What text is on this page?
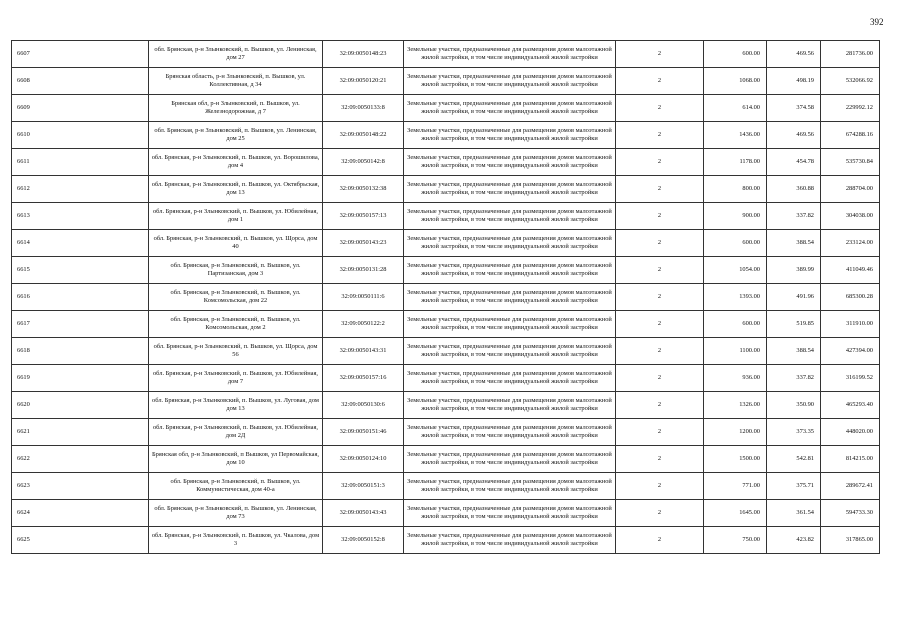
392
6607		обл. Брянская, р-н Злынковский, п. Вышков, ул. Ленинская, дом 27	32:09:0050148:23	Земельные участки, предназначенные для размещения домов малоэтажной жилой застройки, в том числе индивидуальной жилой застройки	2	600.00	469.56	281736.00
6608		Брянская область, р-н Злынковский, п. Вышков, ул. Коллективная, д 34	32:09:0050120:21	Земельные участки, предназначенные для размещения домов малоэтажной жилой застройки, в том числе индивидуальной жилой застройки	2	1068.00	498.19	532066.92
6609		Брянская обл, р-н Злынковский, п. Вышков, ул. Железнодорожная, д 7	32:09:0050133:8	Земельные участки, предназначенные для размещения домов малоэтажной жилой застройки, в том числе индивидуальной жилой застройки	2	614.00	374.58	229992.12
6610		обл. Брянская, р-н Злынковский, п. Вышков, ул. Ленинская, дом 25	32:09:0050148:22	Земельные участки, предназначенные для размещения домов малоэтажной жилой застройки, в том числе индивидуальной жилой застройки	2	1436.00	469.56	674288.16
6611		обл. Брянская, р-н Злынковский, п. Вышков, ул. Ворошилова, дом 4	32:09:0050142:8	Земельные участки, предназначенные для размещения домов малоэтажной жилой застройки, в том числе индивидуальной жилой застройки	2	1178.00	454.78	535730.84
6612		обл. Брянская, р-н Злынковский, п. Вышков, ул. Октябрьская, дом 13	32:09:0050132:38	Земельные участки, предназначенные для размещения домов малоэтажной жилой застройки, в том числе индивидуальной жилой застройки	2	800.00	360.88	288704.00
6613		обл. Брянская, р-н Злынковский, п. Вышков, ул. Юбилейная, дом 1	32:09:0050157:13	Земельные участки, предназначенные для размещения домов малоэтажной жилой застройки, в том числе индивидуальной жилой застройки	2	900.00	337.82	304038.00
6614		обл. Брянская, р-н Злынковский, п. Вышков, ул. Щорса, дом 40	32:09:0050143:23	Земельные участки, предназначенные для размещения домов малоэтажной жилой застройки, в том числе индивидуальной жилой застройки	2	600.00	388.54	233124.00
6615		обл. Брянская, р-н Злынковский, п. Вышков, ул. Партизанская, дом 3	32:09:0050131:28	Земельные участки, предназначенные для размещения домов малоэтажной жилой застройки, в том числе индивидуальной жилой застройки	2	1054.00	389.99	411049.46
6616		обл. Брянская, р-н Злынковский, п. Вышков, ул. Комсомольская, дом 22	32:09:0050111:6	Земельные участки, предназначенные для размещения домов малоэтажной жилой застройки, в том числе индивидуальной жилой застройки	2	1393.00	491.96	685300.28
6617		обл. Брянская, р-н Злынковский, п. Вышков, ул. Комсомольская, дом 2	32:09:0050122:2	Земельные участки, предназначенные для размещения домов малоэтажной жилой застройки, в том числе индивидуальной жилой застройки	2	600.00	519.85	311910.00
6618		обл. Брянская, р-н Злынковский, п. Вышков, ул. Щорса, дом 56	32:09:0050143:31	Земельные участки, предназначенные для размещения домов малоэтажной жилой застройки, в том числе индивидуальной жилой застройки	2	1100.00	388.54	427394.00
6619		обл. Брянская, р-н Злынковский, п. Вышков, ул. Юбилейная, дом 7	32:09:0050157:16	Земельные участки, предназначенные для размещения домов малоэтажной жилой застройки, в том числе индивидуальной жилой застройки	2	936.00	337.82	316199.52
6620		обл. Брянская, р-н Злынковский, п. Вышков, ул. Луговая, дом дом 13	32:09:0050130:6	Земельные участки, предназначенные для размещения домов малоэтажной жилой застройки, в том числе индивидуальной жилой застройки	2	1326.00	350.90	465293.40
6621		обл. Брянская, р-н Злынковский, п. Вышков, ул. Юбилейная, дом 2Д	32:09:0050151:46	Земельные участки, предназначенные для размещения домов малоэтажной жилой застройки, в том числе индивидуальной жилой застройки	2	1200.00	373.35	448020.00
6622		Брянская обл, р-н Злынковский, п Вышков, ул Первомайская, дом 10	32:09:0050124:10	Земельные участки, предназначенные для размещения домов малоэтажной жилой застройки, в том числе индивидуальной жилой застройки	2	1500.00	542.81	814215.00
6623		обл. Брянская, р-н Злынковский, п. Вышков, ул. Коммунистическая, дом 40-а	32:09:0050151:3	Земельные участки, предназначенные для размещения домов малоэтажной жилой застройки, в том числе индивидуальной жилой застройки	2	771.00	375.71	289672.41
6624		обл. Брянская, р-н Злынковский, п. Вышков, ул. Ленинская, дом 73	32:09:0050143:43	Земельные участки, предназначенные для размещения домов малоэтажной жилой застройки, в том числе индивидуальной жилой застройки	2	1645.00	361.54	594733.30
6625		обл. Брянская, р-н Злынковский, п. Вышков, ул. Чкалова, дом 3	32:09:0050152:8	Земельные участки, предназначенные для размещения домов малоэтажной жилой застройки, в том числе индивидуальной жилой застройки	2	750.00	423.82	317865.00
